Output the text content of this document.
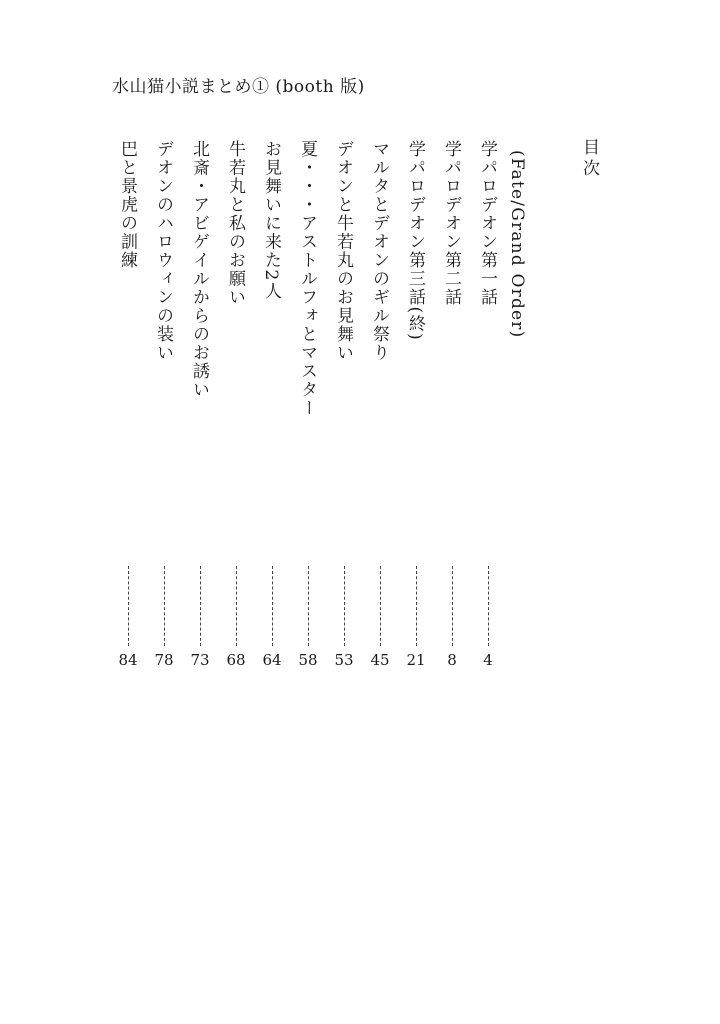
水山猫小説まとめ① (booth 版)
目次
(Fate/Grand Order)
学パロデオン第一話
4
学パロデオン第二話
8
学パロデオン第三話(終)
21
マルタとデオンのギル祭り
45
デオンと牛若丸のお見舞い
53
夏・・・アストルフォとマスター
58
お見舞いに来た2人
64
牛若丸と私のお願い
68
北斎・アビゲイルからのお誘い
73
デオンのハロウィンの装い
78
巴と景虎の訓練
84
